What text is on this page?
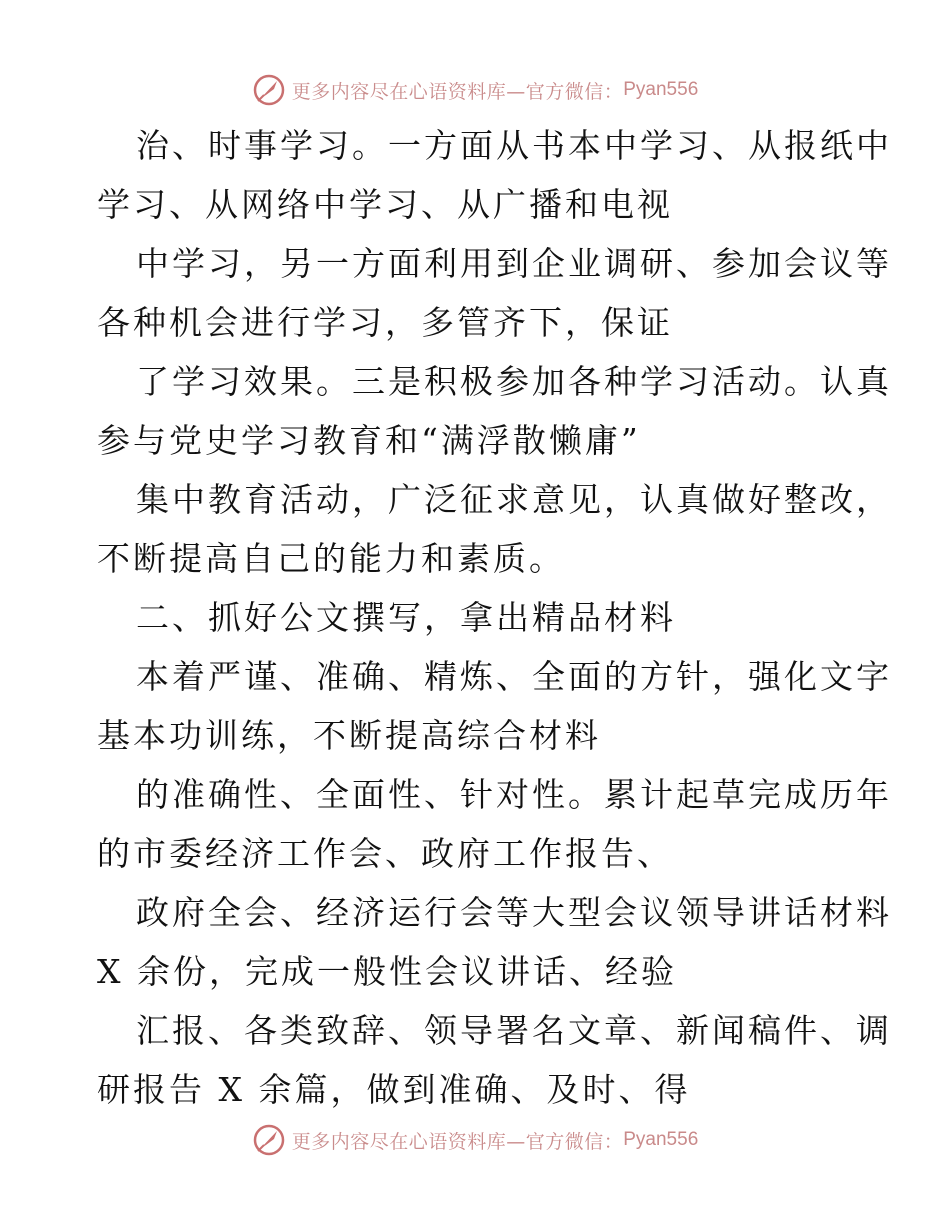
更多内容尽在心语资料库—官方微信： Pyan556
治、时事学习。一方面从书本中学习、从报纸中
学习、从网络中学习、从广播和电视
中学习，另一方面利用到企业调研、参加会议等
各种机会进行学习，多管齐下，保证
了学习效果。三是积极参加各种学习活动。认真
参与党史学习教育和“满浮散懒庸”
集中教育活动，广泛征求意见，认真做好整改，
不断提高自己的能力和素质。
二、抓好公文撰写，拿出精品材料
本着严谨、准确、精炼、全面的方针，强化文字
基本功训练，不断提高综合材料
的准确性、全面性、针对性。累计起草完成历年
的市委经济工作会、政府工作报告、
政府全会、经济运行会等大型会议领导讲话材料
X 余份，完成一般性会议讲话、经验
汇报、各类致辞、领导署名文章、新闻稿件、调
研报告 X 余篇，做到准确、及时、得
更多内容尽在心语资料库—官方微信： Pyan556
